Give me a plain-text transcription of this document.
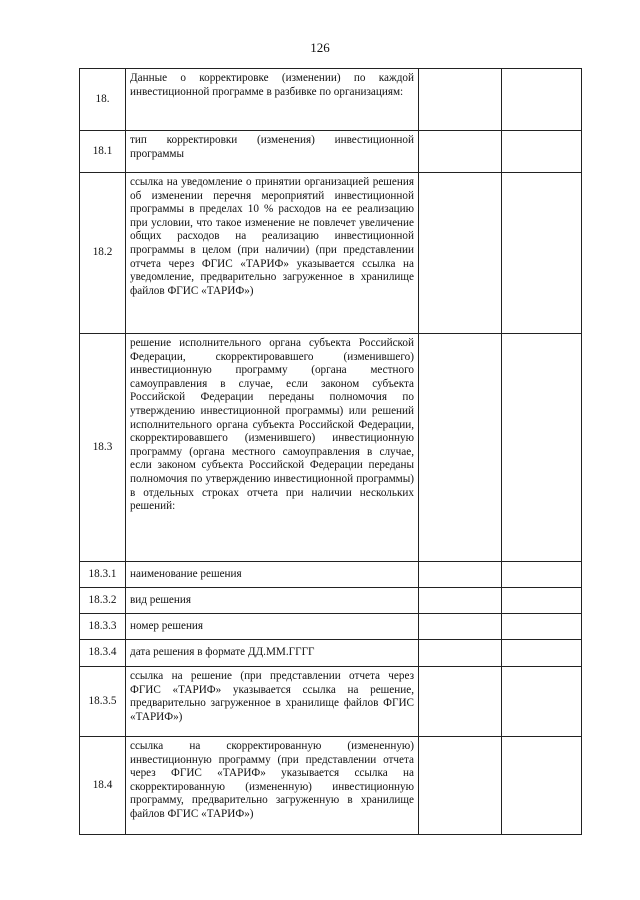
126
18.	Данные о корректировке (изменении) по каждой инвестиционной программе в разбивке по организациям:		
18.1	тип корректировки (изменения) инвестиционной программы		
18.2	ссылка на уведомление о принятии организацией решения об изменении перечня мероприятий инвестиционной программы в пределах 10 % расходов на ее реализацию при условии, что такое изменение не повлечет увеличение общих расходов на реализацию инвестиционной программы в целом (при наличии) (при представлении отчета через ФГИС «ТАРИФ» указывается ссылка на уведомление, предварительно загруженное в хранилище файлов ФГИС «ТАРИФ»)		
18.3	решение исполнительного органа субъекта Российской Федерации, скорректировавшего (изменившего) инвестиционную программу (органа местного самоуправления в случае, если законом субъекта Российской Федерации переданы полномочия по утверждению инвестиционной программы) или решений исполнительного органа субъекта Российской Федерации, скорректировавшего (изменившего) инвестиционную программу (органа местного самоуправления в случае, если законом субъекта Российской Федерации переданы полномочия по утверждению инвестиционной программы) в отдельных строках отчета при наличии нескольких решений:		
18.3.1	наименование решения		
18.3.2	вид решения		
18.3.3	номер решения		
18.3.4	дата решения в формате ДД.ММ.ГГГГ		
18.3.5	ссылка на решение (при представлении отчета через ФГИС «ТАРИФ» указывается ссылка на решение, предварительно загруженное в хранилище файлов ФГИС «ТАРИФ»)		
18.4	ссылка на скорректированную (измененную) инвестиционную программу (при представлении отчета через ФГИС «ТАРИФ» указывается ссылка на скорректированную (измененную) инвестиционную программу, предварительно загруженную в хранилище файлов ФГИС «ТАРИФ»)		
